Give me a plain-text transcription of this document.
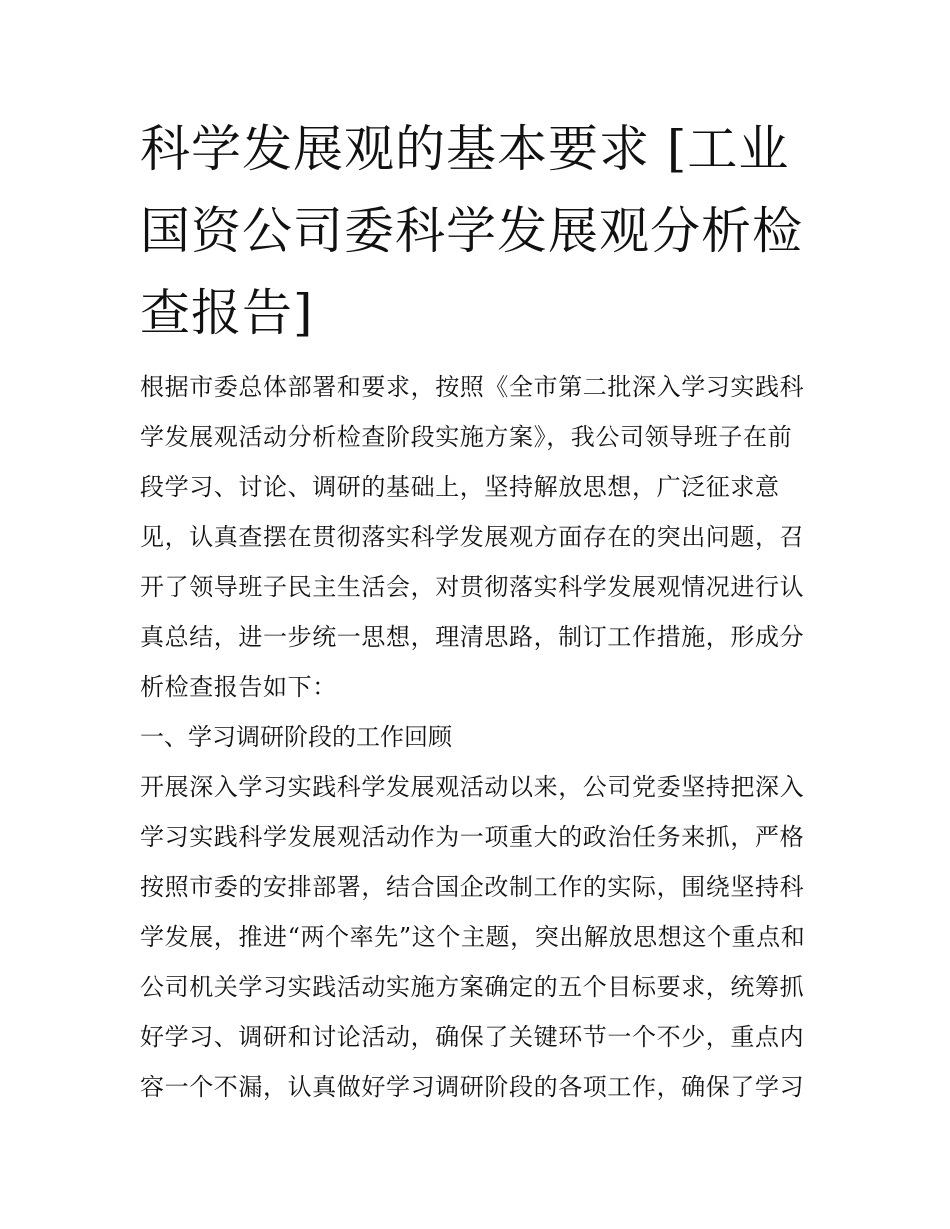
科学发展观的基本要求 [工业
国资公司委科学发展观分析检
查报告]

根据市委总体部署和要求，按照《全市第二批深入学习实践科

学发展观活动分析检查阶段实施方案》，我公司领导班子在前

段学习、讨论、调研的基础上，坚持解放思想，广泛征求意

见，认真查摆在贯彻落实科学发展观方面存在的突出问题，召

开了领导班子民主生活会，对贯彻落实科学发展观情况进行认

真总结，进一步统一思想，理清思路，制订工作措施，形成分

析检查报告如下：

一、学习调研阶段的工作回顾

开展深入学习实践科学发展观活动以来，公司党委坚持把深入

学习实践科学发展观活动作为一项重大的政治任务来抓，严格

按照市委的安排部署，结合国企改制工作的实际，围绕坚持科

学发展，推进“两个率先”这个主题，突出解放思想这个重点和

公司机关学习实践活动实施方案确定的五个目标要求，统筹抓

好学习、调研和讨论活动，确保了关键环节一个不少，重点内

容一个不漏，认真做好学习调研阶段的各项工作，确保了学习
